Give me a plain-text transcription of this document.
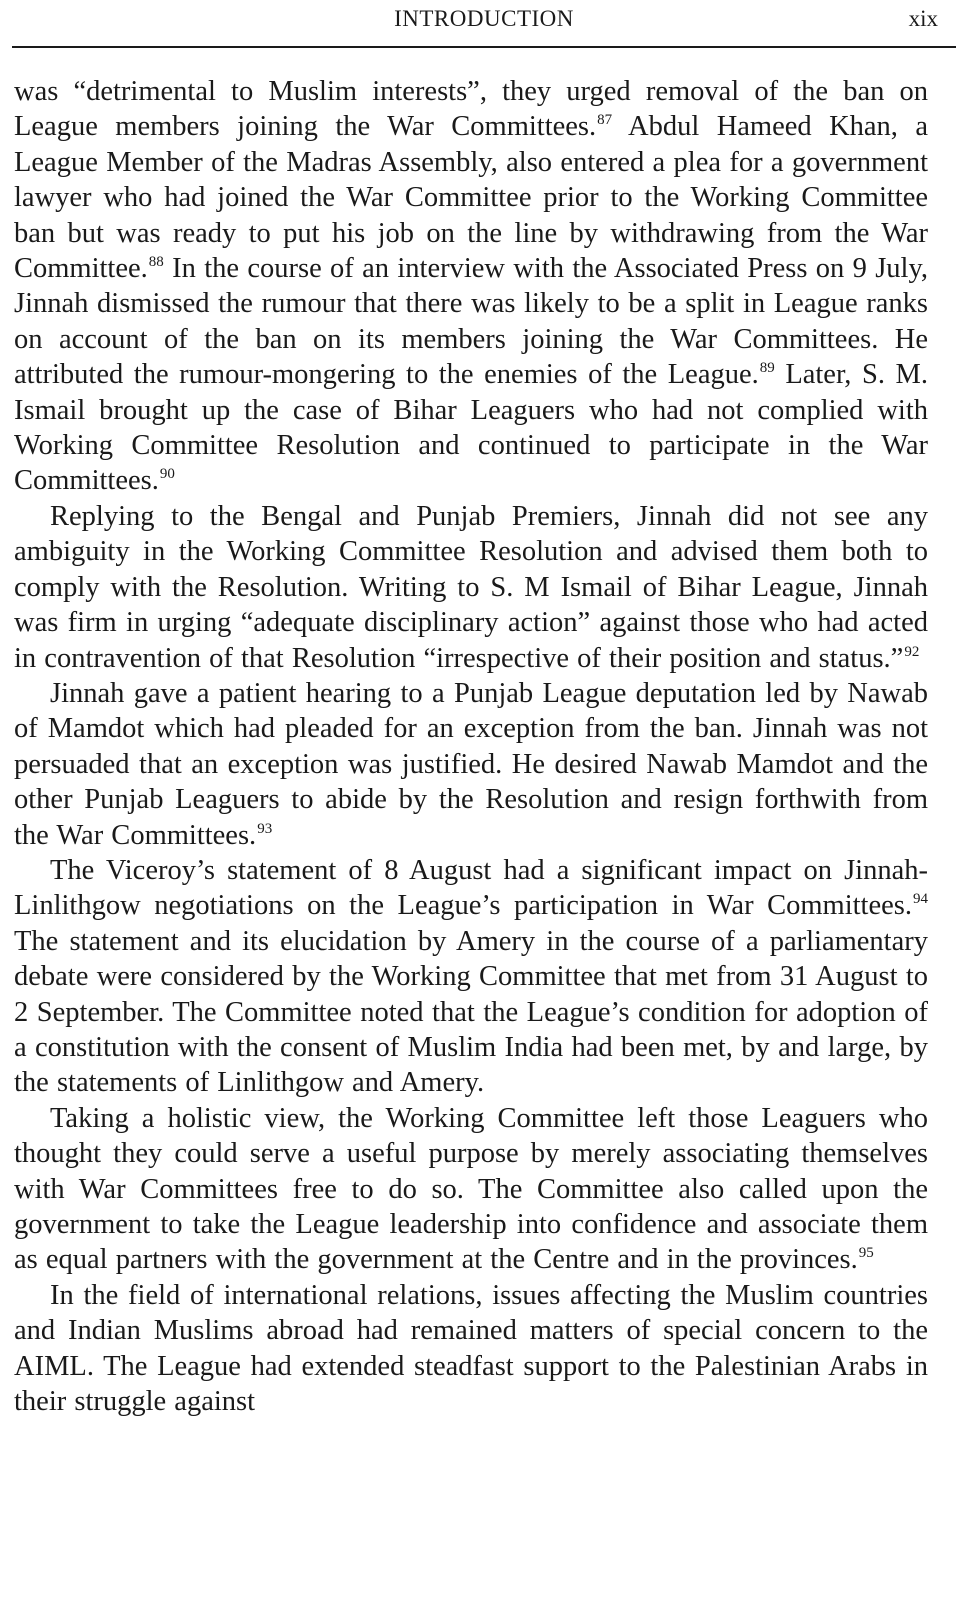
INTRODUCTION	xix

was “detrimental to Muslim interests”, they urged removal of the ban on League members joining the War Committees.$^{87}$ Abdul Hameed Khan, a League Member of the Madras Assembly, also entered a plea for a government lawyer who had joined the War Committee prior to the Working Committee ban but was ready to put his job on the line by withdrawing from the War Committee.$^{88}$ In the course of an interview with the Associated Press on 9 July, Jinnah dismissed the rumour that there was likely to be a split in League ranks on account of the ban on its members joining the War Committees. He attributed the rumour-mongering to the enemies of the League.$^{89}$ Later, S. M. Ismail brought up the case of Bihar Leaguers who had not complied with Working Committee Resolution and continued to participate in the War Committees.$^{90}$

Replying to the Bengal and Punjab Premiers, Jinnah did not see any ambiguity in the Working Committee Resolution and advised them both to comply with the Resolution. Writing to S. M Ismail of Bihar League, Jinnah was firm in urging “adequate disciplinary action” against those who had acted in contravention of that Resolution “irrespective of their position and status.”$^{92}$

Jinnah gave a patient hearing to a Punjab League deputation led by Nawab of Mamdot which had pleaded for an exception from the ban. Jinnah was not persuaded that an exception was justified. He desired Nawab Mamdot and the other Punjab Leaguers to abide by the Resolution and resign forthwith from the War Committees.$^{93}$

The Viceroy’s statement of 8 August had a significant impact on Jinnah-Linlithgow negotiations on the League’s participation in War Committees.$^{94}$ The statement and its elucidation by Amery in the course of a parliamentary debate were considered by the Working Committee that met from 31 August to 2 September. The Committee noted that the League’s condition for adoption of a constitution with the consent of Muslim India had been met, by and large, by the statements of Linlithgow and Amery.

Taking a holistic view, the Working Committee left those Leaguers who thought they could serve a useful purpose by merely associating themselves with War Committees free to do so. The Committee also called upon the government to take the League leadership into confidence and associate them as equal partners with the government at the Centre and in the provinces.$^{95}$

In the field of international relations, issues affecting the Muslim countries and Indian Muslims abroad had remained matters of special concern to the AIML. The League had extended steadfast support to the Palestinian Arabs in their struggle against
